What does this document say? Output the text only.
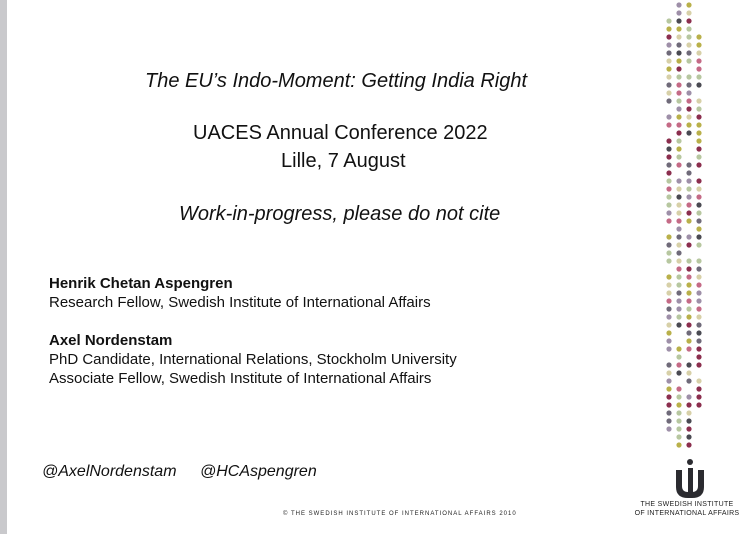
The EU’s Indo-Moment: Getting India Right
UACES Annual Conference 2022
Lille, 7 August
Work-in-progress, please do not cite
Henrik Chetan Aspengren
Research Fellow, Swedish Institute of International Affairs
Axel Nordenstam
PhD Candidate, International Relations, Stockholm University
Associate Fellow, Swedish Institute of International Affairs
@AxelNordenstam @HCAspengren
© THE SWEDISH INSTITUTE OF INTERNATIONAL AFFAIRS 2010
THE SWEDISH INSTITUTE
OF INTERNATIONAL AFFAIRS
